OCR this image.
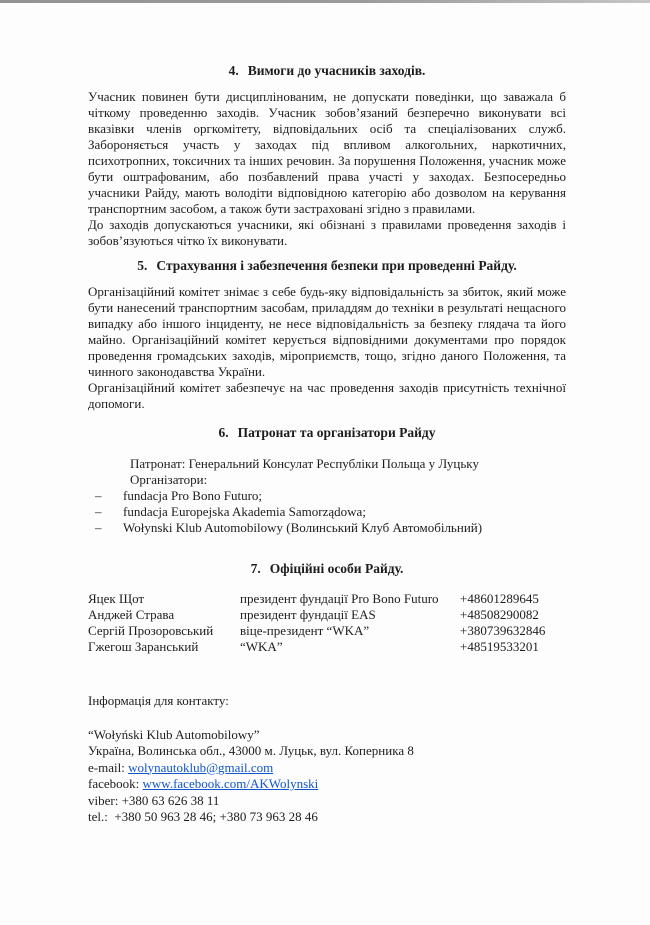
4. Вимоги до учасників заходів.

Учасник повинен бути дисциплінованим, не допускати поведінки, що заважала б чіткому проведенню заходів. Учасник зобов’язаний безперечно виконувати всі вказівки членів оргкомітету, відповідальних осіб та спеціалізованих служб. Забороняється участь у заходах під впливом алкогольних, наркотичних, психотропних, токсичних та інших речовин. За порушення Положення, учасник може бути оштрафованим, або позбавлений права участі у заходах. Безпосередньо учасники Райду, мають володіти відповідною категорію або дозволом на керування транспортним засобом, а також бути застраховані згідно з правилами.

До заходів допускаються учасники, які обізнані з правилами проведення заходів і зобов’язуються чітко їх виконувати.

5. Страхування і забезпечення безпеки при проведенні Райду.

Організаційний комітет знімає з себе будь-яку відповідальність за збиток, який може бути нанесений транспортним засобам, приладдям до техніки в результаті нещасного випадку або іншого інциденту, не несе відповідальність за безпеку глядача та його майно. Організаційний комітет керується відповідними документами про порядок проведення громадських заходів, міроприємств, тощо, згідно даного Положення, та чинного законодавства України.

Організаційний комітет забезпечує на час проведення заходів присутність технічної допомоги.

6. Патронат та організатори Райду

Патронат: Генеральний Консулат Республіки Польща у Луцьку

Організатори:

–	fundacja Pro Bono Futuro;
–	fundacja Europejska Akademia Samorządowa;
–	Wołynski Klub Automobilowy (Волинський Клуб Автомобільний)
7. Офіційні особи Райду.
Яцек Щот	президент фундації Pro Bono Futuro	+48601289645
Анджей Страва	президент фундації EAS	+48508290082
Сергій Прозоровський	віце-президент “WKA”	+380739632846
Гжегош Заранський	“WKA”	+48519533201

Інформація для контакту:

“Wołyński Klub Automobilowy”

Україна, Волинська обл., 43000 м. Луцьк, вул. Коперника 8

e-mail: wolynautoklub@gmail.com

facebook: www.facebook.com/AKWolynski

viber: +380 63 626 38 11

tel.:  +380 50 963 28 46; +380 73 963 28 46
